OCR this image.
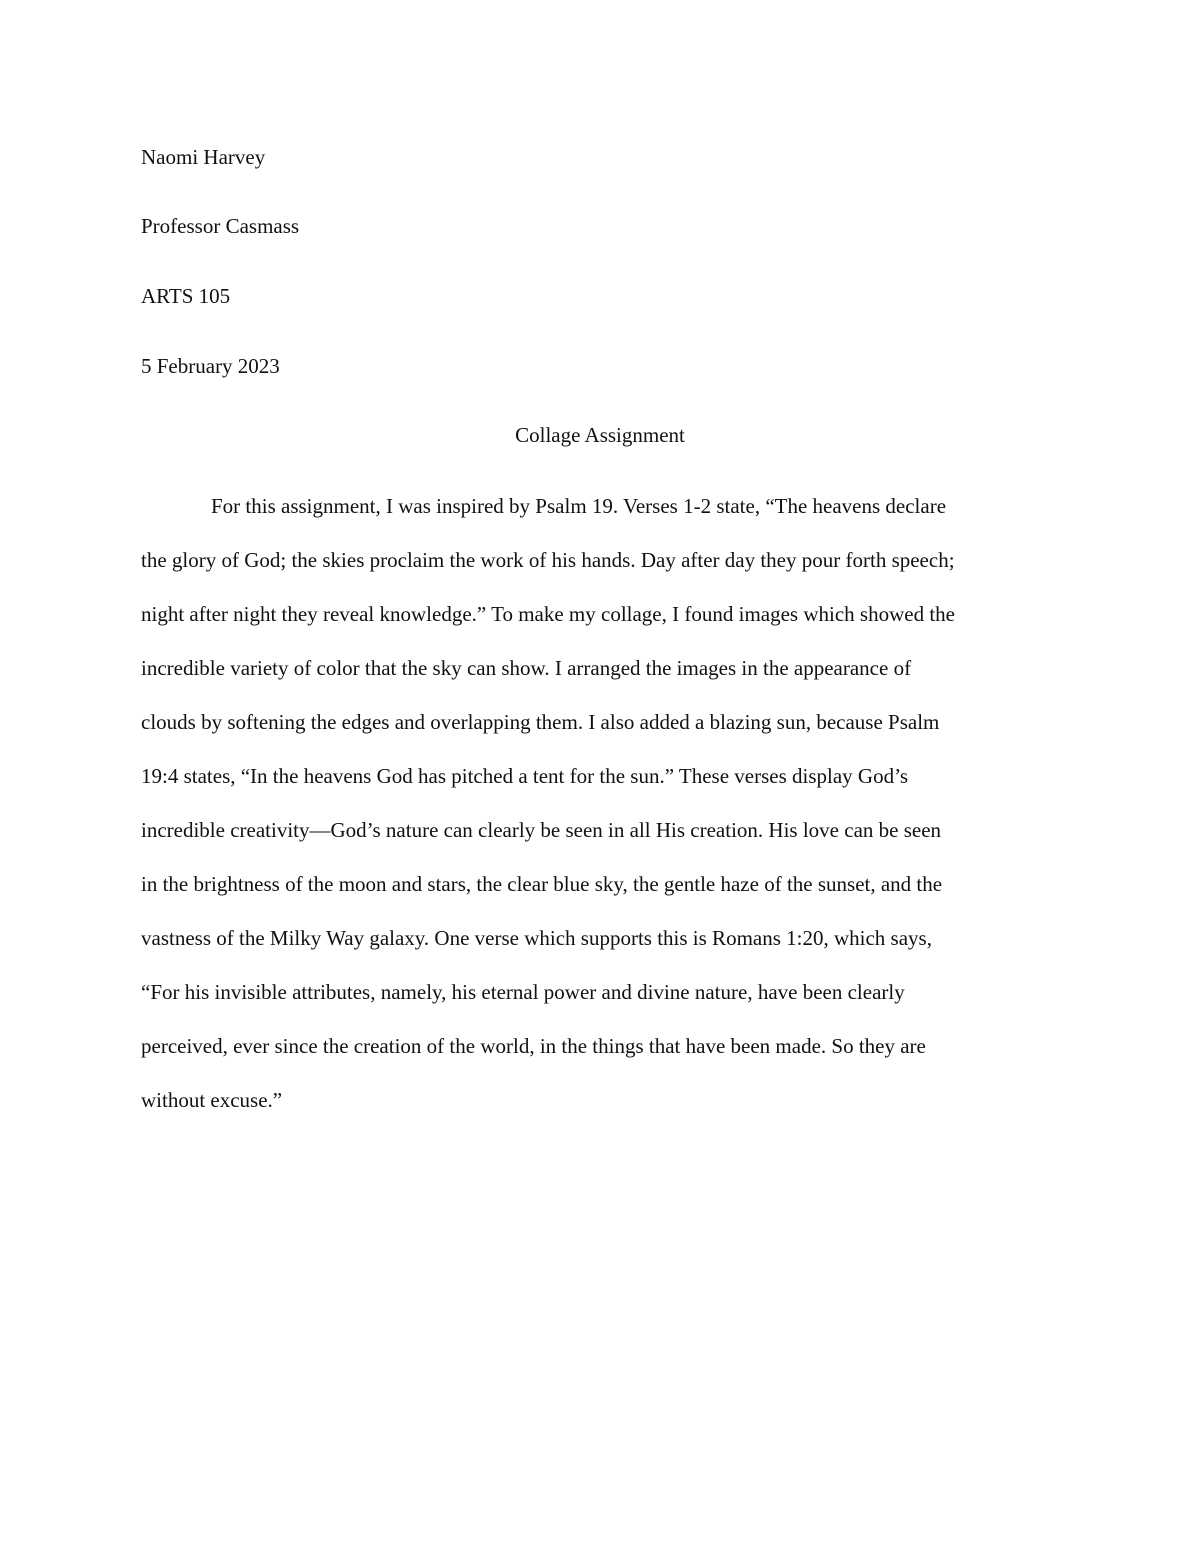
Naomi Harvey
Professor Casmass
ARTS 105
5 February 2023
Collage Assignment
For this assignment, I was inspired by Psalm 19. Verses 1-2 state, “The heavens declare
the glory of God; the skies proclaim the work of his hands. Day after day they pour forth speech;
night after night they reveal knowledge.” To make my collage, I found images which showed the
incredible variety of color that the sky can show. I arranged the images in the appearance of
clouds by softening the edges and overlapping them. I also added a blazing sun, because Psalm
19:4 states, “In the heavens God has pitched a tent for the sun.” These verses display God’s
incredible creativity—God’s nature can clearly be seen in all His creation. His love can be seen
in the brightness of the moon and stars, the clear blue sky, the gentle haze of the sunset, and the
vastness of the Milky Way galaxy. One verse which supports this is Romans 1:20, which says,
“For his invisible attributes, namely, his eternal power and divine nature, have been clearly
perceived, ever since the creation of the world, in the things that have been made. So they are
without excuse.”
